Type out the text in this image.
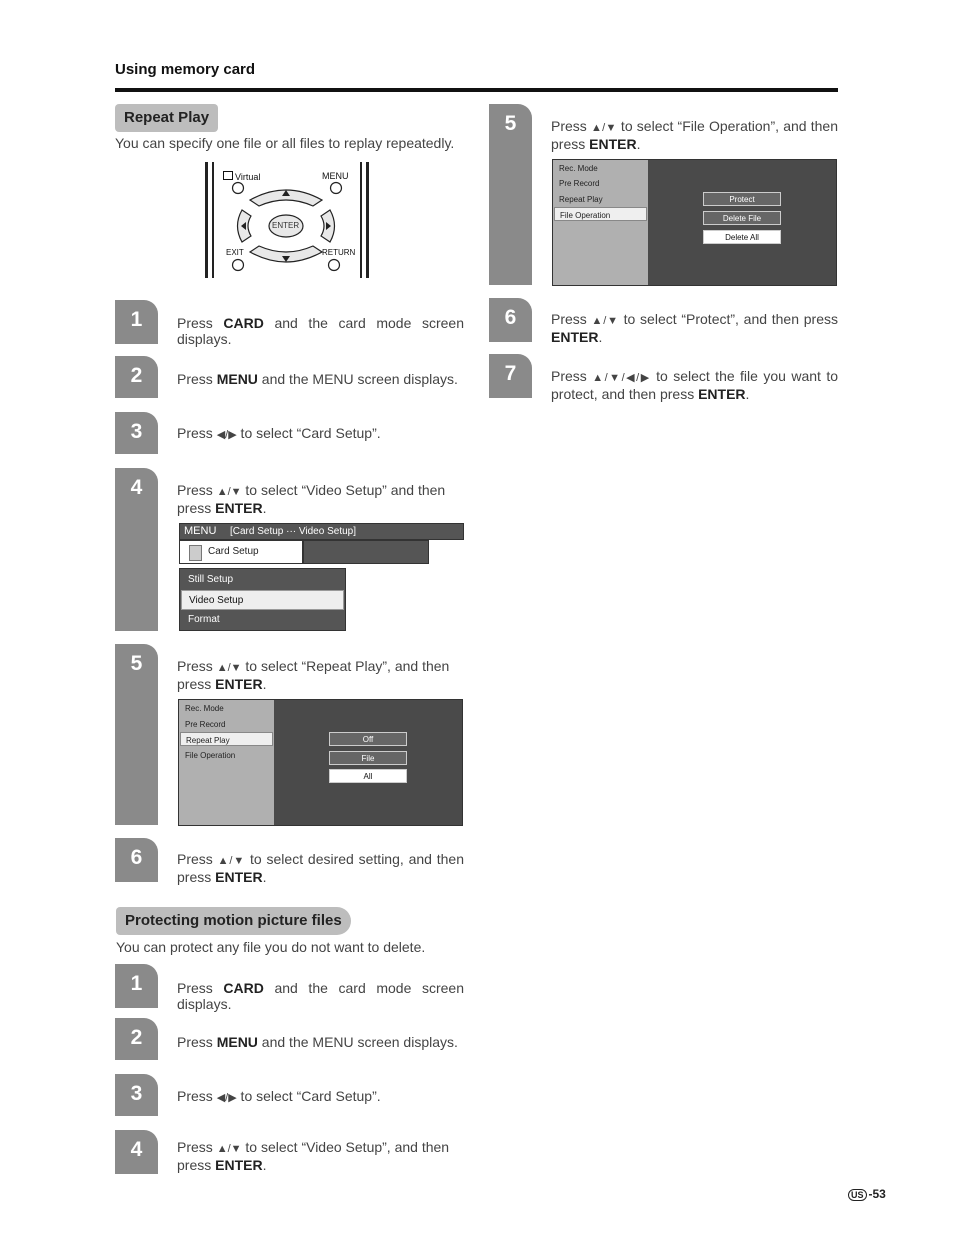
Using memory card
Repeat Play
You can specify one file or all files to replay repeatedly.
Virtual	MENU
ENTER
EXIT	RETURN
1	Press CARD and the card mode screen displays.
2	Press MENU and the MENU screen displays.
3	Press ◀/▶ to select “Card Setup”.
4	Press ▲/▼ to select “Video Setup” and then press ENTER.
MENU [Card Setup ··· Video Setup]
Card Setup
Still Setup
Video Setup
Format
5	Press ▲/▼ to select “Repeat Play”, and then press ENTER.
Rec. Mode
Pre Record
Repeat Play
File Operation
Off
File
All
6	Press ▲/▼ to select desired setting, and then press ENTER.
Protecting motion picture files
You can protect any file you do not want to delete.
1	Press CARD and the card mode screen displays.
2	Press MENU and the MENU screen displays.
3	Press ◀/▶ to select “Card Setup”.
4	Press ▲/▼ to select “Video Setup”, and then press ENTER.
5	Press ▲/▼ to select “File Operation”, and then press ENTER.
Rec. Mode
Pre Record
Repeat Play
File Operation
Protect
Delete File
Delete All
6	Press ▲/▼ to select “Protect”, and then press ENTER.
7	Press ▲/▼/◀/▶ to select the file you want to protect, and then press ENTER.
US -53
